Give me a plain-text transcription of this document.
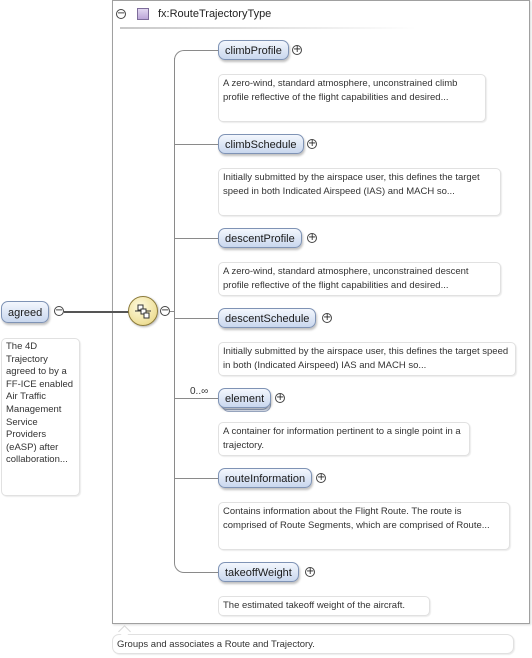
−	fx:RouteTrajectoryType
Groups and associates a Route and Trajectory.
agreed	−
The 4D Trajectory agreed to by a FF-ICE enabled Air Traffic Management Service Providers (eASP) after collaboration...
−
climbProfile	+
A zero-wind, standard atmosphere, unconstrained climb profile reflective of the flight capabilities and desired...
climbSchedule	+
Initially submitted by the airspace user, this defines the target speed in both Indicated Airspeed (IAS) and MACH so...
descentProfile	+
A zero-wind, standard atmosphere, unconstrained descent profile reflective of the flight capabilities and desired...
descentSchedule	+
Initially submitted by the airspace user, this defines the target speed in both (Indicated Airspeed) IAS and MACH so...
0..∞
element	+
A container for information pertinent to a single point in a trajectory.
routeInformation	+
Contains information about the Flight Route. The route is comprised of Route Segments, which are comprised of Route...
takeoffWeight	+
The estimated takeoff weight of the aircraft.
